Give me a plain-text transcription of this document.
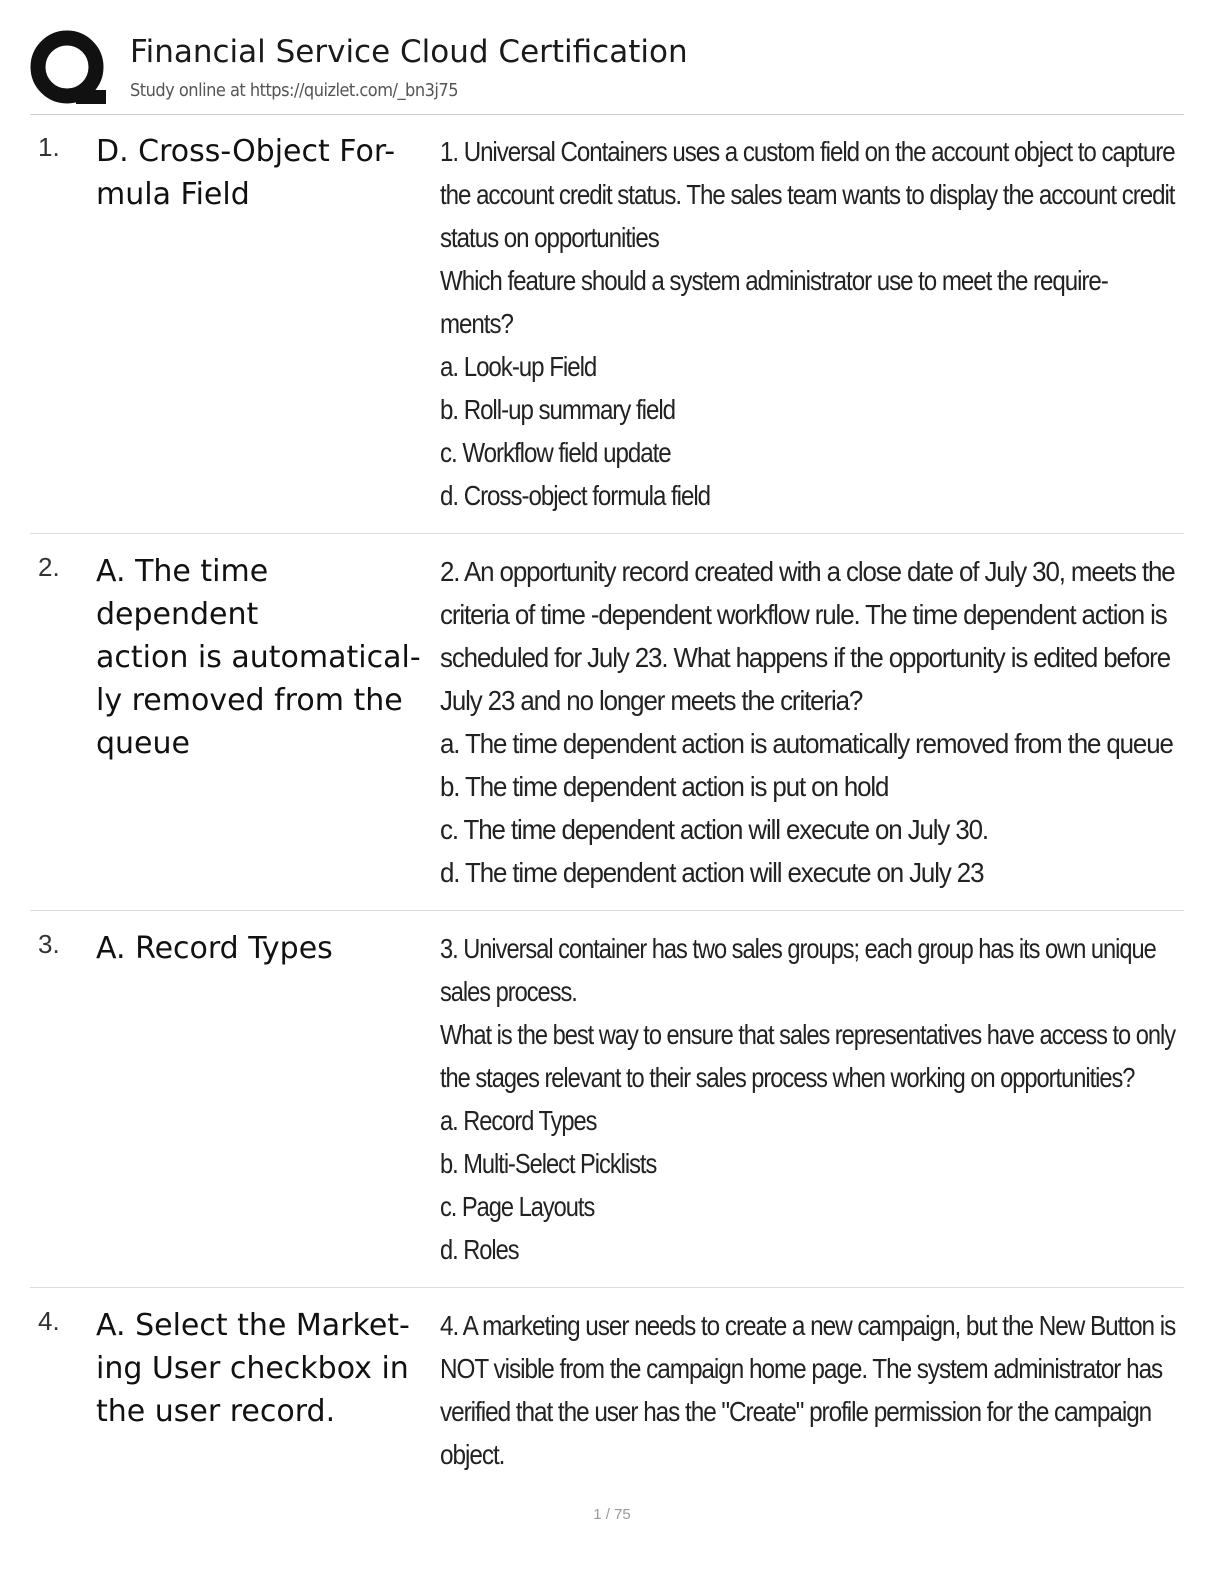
Financial Service Cloud Certification
Study online at https://quizlet.com/_bn3j75
1. D. Cross-Object For-
mula Field

1. Universal Containers uses a custom field on the account object to capture

the account credit status. The sales team wants to display the account credit

status on opportunities

Which feature should a system administrator use to meet the require-

ments?

a. Look-up Field

b. Roll-up summary field

c. Workflow field update

d. Cross-object formula field

2. A. The time dependent
action is automatical-
ly removed from the
queue

2. An opportunity record created with a close date of July 30, meets the

criteria of time -dependent workflow rule. The time dependent action is

scheduled for July 23. What happens if the opportunity is edited before

July 23 and no longer meets the criteria?

a. The time dependent action is automatically removed from the queue

b. The time dependent action is put on hold

c. The time dependent action will execute on July 30.

d. The time dependent action will execute on July 23

3. A. Record Types	3. Universal container has two sales groups; each group has its own unique

sales process.

What is the best way to ensure that sales representatives have access to only

the stages relevant to their sales process when working on opportunities?

a. Record Types

b. Multi-Select Picklists

c. Page Layouts

d. Roles

4. A. Select the Market-
ing User checkbox in
the user record.

4. A marketing user needs to create a new campaign, but the New Button is

NOT visible from the campaign home page. The system administrator has

verified that the user has the "Create" profile permission for the campaign

object.

1 / 75
